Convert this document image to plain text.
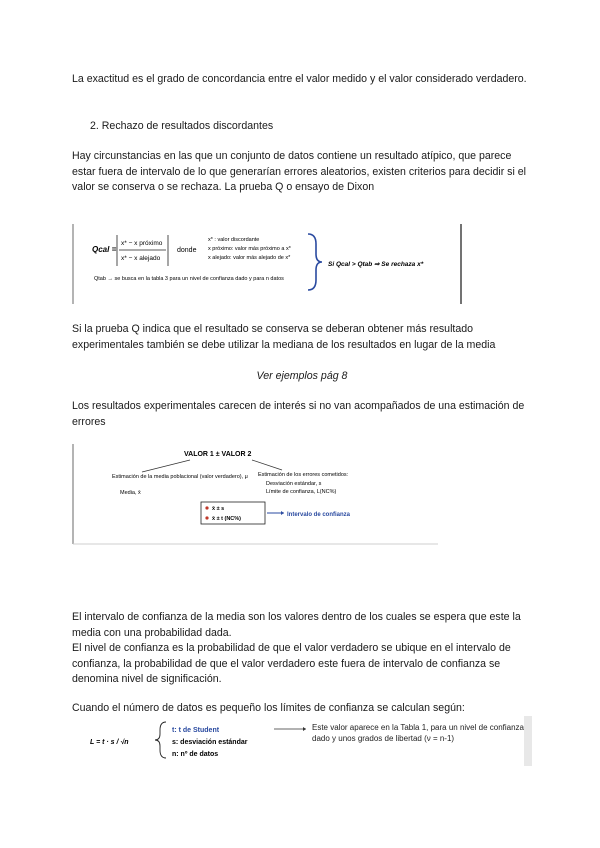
La exactitud es el grado de concordancia entre el valor medido y el valor considerado verdadero.
2. Rechazo de resultados discordantes
Hay circunstancias en las que un conjunto de datos contiene un resultado atípico, que parece estar fuera de intervalo de lo que generarían errores aleatorios, existen criterios para decidir si el valor se conserva o se rechaza. La prueba Q o ensayo de Dixon
Qcal =
x* − x próximo
x* − x alejado
donde
x* : valor discordante
x próximo: valor más próximo a x*
x alejado: valor más alejado de x*
Si Qcal > Qtab ⇒ Se rechaza x*
Qtab → se busca en la tabla 3 para un nivel de confianza dado y para n datos
Si la prueba Q indica que el resultado se conserva se deberan obtener más resultado experimentales también se debe utilizar la mediana de los resultados en lugar de la media
Ver ejemplos pág 8
Los resultados experimentales carecen de interés si no van acompañados de una estimación de errores
VALOR 1 ± VALOR 2
Estimación de la media poblacional (valor verdadero), μ
Media, x̄
Estimación de los errores cometidos:
Desviación estándar, s
Límite de confianza, L(NC%)
x̄ ± s
x̄ ± t (NC%)
Intervalo de confianza
El intervalo de confianza de la media son los valores dentro de los cuales se espera que este la media con una probabilidad dada.
El nivel de confianza es la probabilidad de que el valor verdadero se ubique en el intervalo de confianza, la probabilidad de que el valor verdadero este fuera de intervalo de confianza se denomina nivel de significación.
Cuando el número de datos es pequeño los límites de confianza se calculan según:
L = t · s / √n
t: t de Student
s: desviación estándar
n: nº de datos
Este valor aparece en la Tabla 1, para un nivel de confianza dado y unos grados de libertad (ν = n-1)
